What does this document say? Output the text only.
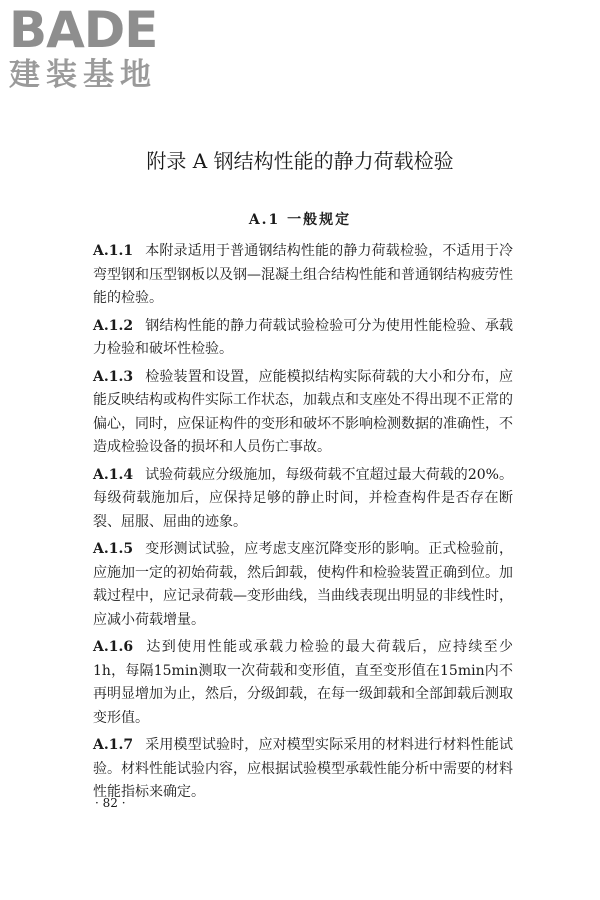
BADE
建装基地
附录 A 钢结构性能的静力荷载检验
A.1 一般规定

A.1.1 本附录适用于普通钢结构性能的静力荷载检验，不适用于冷弯型钢和压型钢板以及钢—混凝土组合结构性能和普通钢结构疲劳性能的检验。

A.1.2 钢结构性能的静力荷载试验检验可分为使用性能检验、承载力检验和破坏性检验。

A.1.3 检验装置和设置，应能模拟结构实际荷载的大小和分布，应能反映结构或构件实际工作状态，加载点和支座处不得出现不正常的偏心，同时，应保证构件的变形和破坏不影响检测数据的准确性，不造成检验设备的损坏和人员伤亡事故。

A.1.4 试验荷载应分级施加，每级荷载不宜超过最大荷载的20%。每级荷载施加后，应保持足够的静止时间，并检查构件是否存在断裂、屈服、屈曲的迹象。

A.1.5 变形测试试验，应考虑支座沉降变形的影响。正式检验前，应施加一定的初始荷载，然后卸载，使构件和检验装置正确到位。加载过程中，应记录荷载—变形曲线，当曲线表现出明显的非线性时，应减小荷载增量。

A.1.6 达到使用性能或承载力检验的最大荷载后，应持续至少1h，每隔15min测取一次荷载和变形值，直至变形值在15min内不再明显增加为止，然后，分级卸载，在每一级卸载和全部卸载后测取变形值。

A.1.7 采用模型试验时，应对模型实际采用的材料进行材料性能试验。材料性能试验内容，应根据试验模型承载性能分析中需要的材料性能指标来确定。

· 82 ·
